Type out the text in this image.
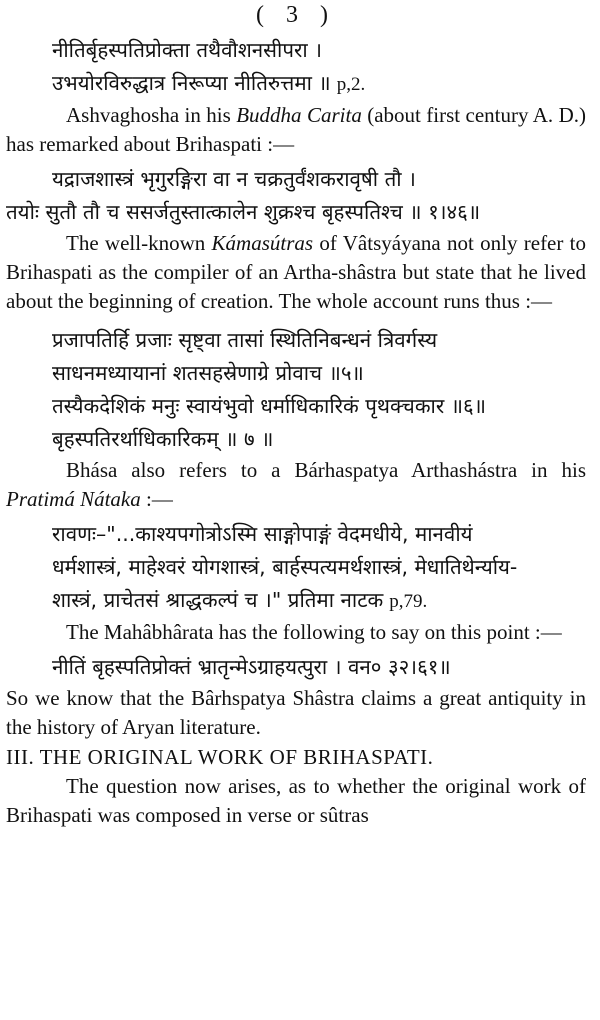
( 3 )

नीतिर्बृहस्पतिप्रोक्ता तथैवौशनसीपरा ।

उभयोरविरुद्धात्र निरूप्या नीतिरुत्तमा ॥ p,2.

Ashvaghosha in his Buddha Carita (about first century A. D.) has remarked about Brihaspati :—

यद्राजशास्त्रं भृगुरङ्गिरा वा न चक्रतुर्वंशकरावृषी तौ ।

तयोः सुतौ तौ च ससर्जतुस्तात्कालेन शुक्रश्च बृहस्पतिश्च ॥ १।४६॥

The well-known Kámasútras of Vâtsyáyana not only refer to Brihaspati as the compiler of an Artha-shâstra but state that he lived about the beginning of creation. The whole account runs thus :—

प्रजापतिर्हि प्रजाः सृष्ट्वा तासां स्थितिनिबन्धनं त्रिवर्गस्य

साधनमध्यायानां शतसहस्रेणाग्रे प्रोवाच ॥५॥

तस्यैकदेशिकं मनुः स्वायंभुवो धर्माधिकारिकं पृथक्चकार ॥६॥

बृहस्पतिरर्थाधिकारिकम् ॥ ७ ॥

Bhása also refers to a Bárhaspatya Arthashástra in his Pratimá Nátaka :—

रावणः–"...काश्यपगोत्रोऽस्मि साङ्गोपाङ्गं वेदमधीये, मानवीयं

धर्मशास्त्रं, माहेश्वरं योगशास्त्रं, बार्हस्पत्यमर्थशास्त्रं, मेधातिथेर्न्याय-

शास्त्रं, प्राचेतसं श्राद्धकल्पं च ।" प्रतिमा नाटक p,79.

The Mahâbhârata has the following to say on this point :—

नीतिं बृहस्पतिप्रोक्तं भ्रातृन्मेऽग्राहयत्पुरा । वन० ३२।६१॥

So we know that the Bârhspatya Shâstra claims a great antiquity in the history of Aryan literature.

III. THE ORIGINAL WORK OF BRIHASPATI.

The question now arises, as to whether the original work of Brihaspati was composed in verse or sûtras
